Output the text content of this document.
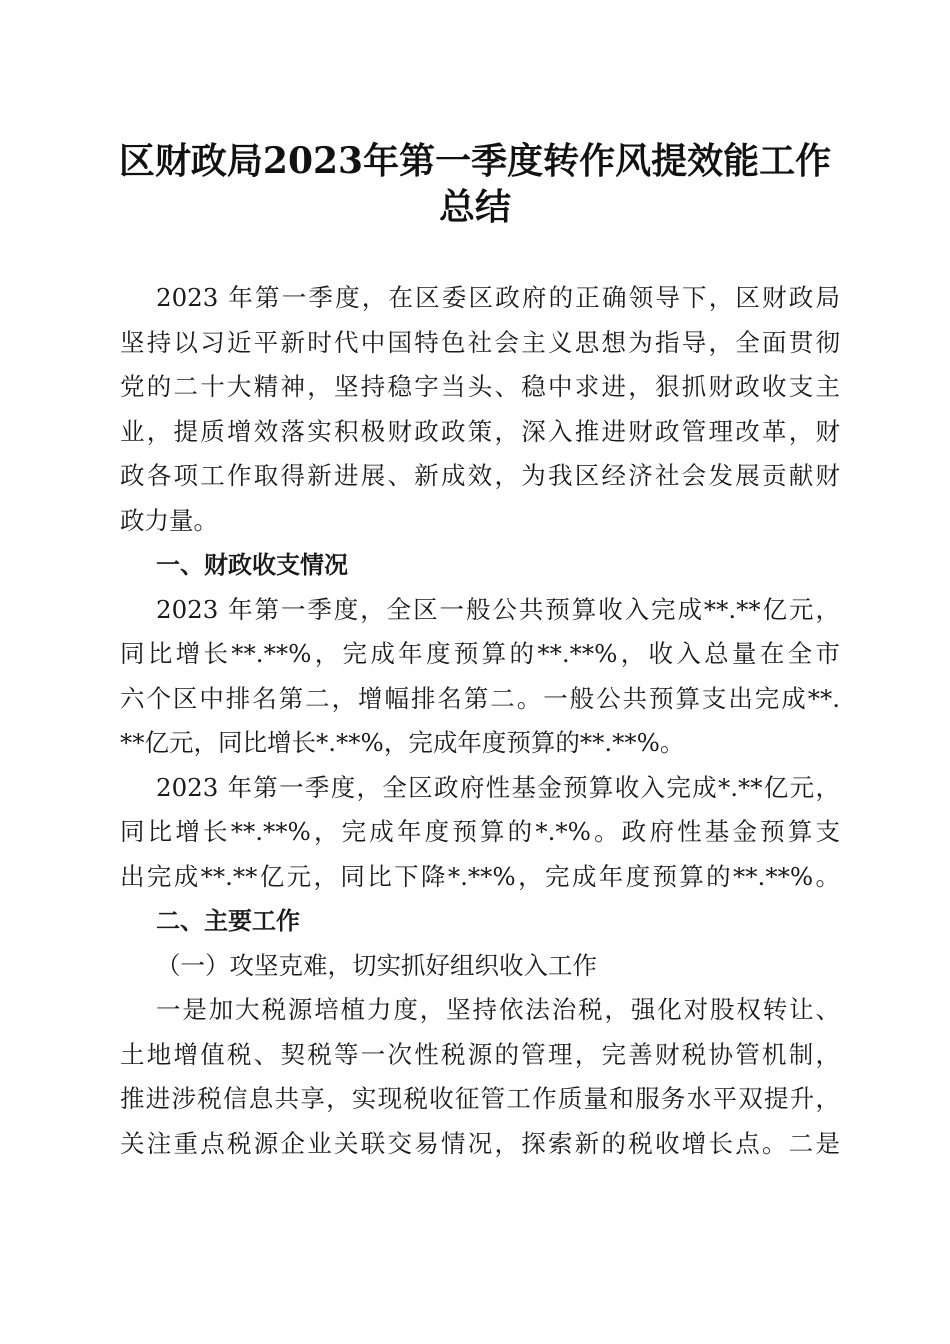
区财政局2023年第一季度转作风提效能工作
总结
2023 年第一季度，在区委区政府的正确领导下，区财政局
坚持以习近平新时代中国特色社会主义思想为指导，全面贯彻
党的二十大精神，坚持稳字当头、稳中求进，狠抓财政收支主
业，提质增效落实积极财政政策，深入推进财政管理改革，财
政各项工作取得新进展、新成效，为我区经济社会发展贡献财
政力量。
一、财政收支情况
2023 年第一季度，全区一般公共预算收入完成**.**亿元，
同比增长**.**%，完成年度预算的**.**%，收入总量在全市
六个区中排名第二，增幅排名第二。一般公共预算支出完成**.
**亿元，同比增长*.**%，完成年度预算的**.**%。
2023 年第一季度，全区政府性基金预算收入完成*.**亿元，
同比增长**.**%，完成年度预算的*.*%。政府性基金预算支
出完成**.**亿元，同比下降*.**%，完成年度预算的**.**%。
二、主要工作
（一）攻坚克难，切实抓好组织收入工作
一是加大税源培植力度，坚持依法治税，强化对股权转让、
土地增值税、契税等一次性税源的管理，完善财税协管机制，
推进涉税信息共享，实现税收征管工作质量和服务水平双提升，
关注重点税源企业关联交易情况，探索新的税收增长点。二是
